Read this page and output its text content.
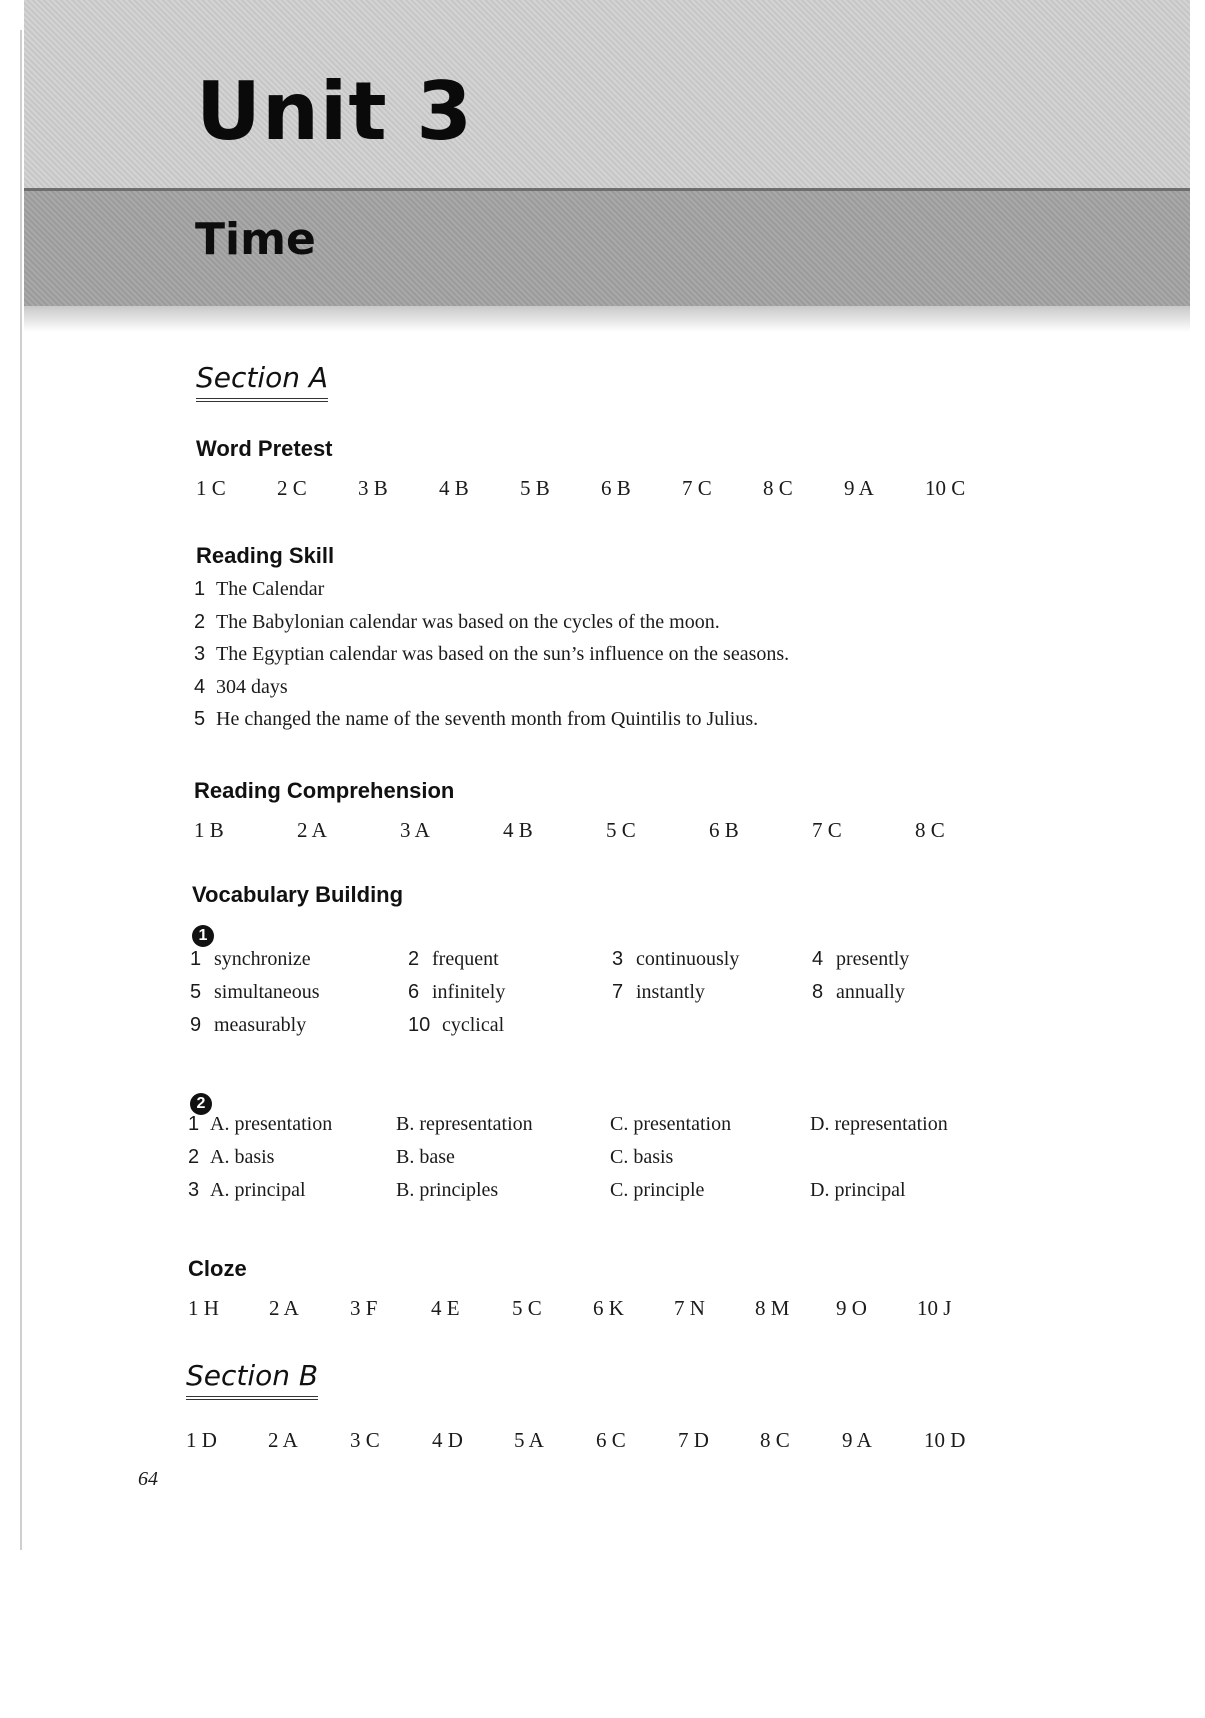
Unit 3
Time
Section A
Word Pretest
1 C	2 C	3 B	4 B	5 B	6 B	7 C	8 C	9 A	10 C
Reading Skill
1 The Calendar
2 The Babylonian calendar was based on the cycles of the moon.
3 The Egyptian calendar was based on the sun’s influence on the seasons.
4 304 days
5 He changed the name of the seventh month from Quintilis to Julius.
Reading Comprehension
1 B	2 A	3 A	4 B	5 C	6 B	7 C	8 C
Vocabulary Building
1
1 synchronize	2 frequent	3 continuously	4 presently
5 simultaneous	6 infinitely	7 instantly	8 annually
9 measurably	10 cyclical
2
1 A. presentation	B. representation	C. presentation	D. representation
2 A. basis	B. base	C. basis
3 A. principal	B. principles	C. principle	D. principal
Cloze
1 H	2 A	3 F	4 E	5 C	6 K	7 N	8 M	9 O	10 J
Section B
1 D	2 A	3 C	4 D	5 A	6 C	7 D	8 C	9 A	10 D
64
